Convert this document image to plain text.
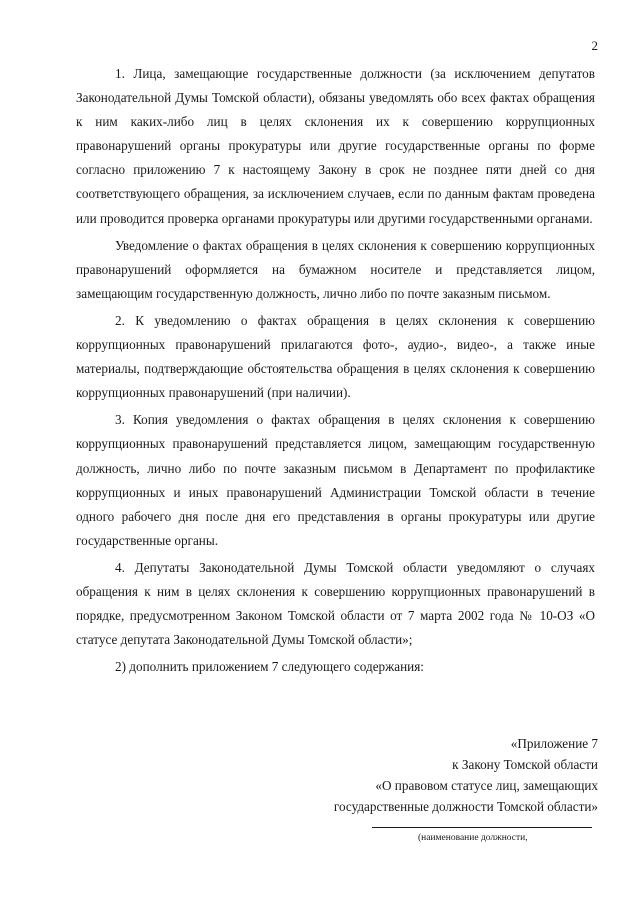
2

1. Лица, замещающие государственные должности (за исключением депутатов Законодательной Думы Томской области), обязаны уведомлять обо всех фактах обращения к ним каких-либо лиц в целях склонения их к совершению коррупционных правонарушений органы прокуратуры или другие государственные органы по форме согласно приложению 7 к настоящему Закону в срок не позднее пяти дней со дня соответствующего обращения, за исключением случаев, если по данным фактам проведена или проводится проверка органами прокуратуры или другими государственными органами.

Уведомление о фактах обращения в целях склонения к совершению коррупционных правонарушений оформляется на бумажном носителе и представляется лицом, замещающим государственную должность, лично либо по почте заказным письмом.

2. К уведомлению о фактах обращения в целях склонения к совершению коррупционных правонарушений прилагаются фото-, аудио-, видео-, а также иные материалы, подтверждающие обстоятельства обращения в целях склонения к совершению коррупционных правонарушений (при наличии).

3. Копия уведомления о фактах обращения в целях склонения к совершению коррупционных правонарушений представляется лицом, замещающим государственную должность, лично либо по почте заказным письмом в Департамент по профилактике коррупционных и иных правонарушений Администрации Томской области в течение одного рабочего дня после дня его представления в органы прокуратуры или другие государственные органы.

4. Депутаты Законодательной Думы Томской области уведомляют о случаях обращения к ним в целях склонения к совершению коррупционных правонарушений в порядке, предусмотренном Законом Томской области от 7 марта 2002 года № 10-ОЗ «О статусе депутата Законодательной Думы Томской области»;

2) дополнить приложением 7 следующего содержания:

«Приложение 7
к Закону Томской области
«О правовом статусе лиц, замещающих
государственные должности Томской области»
(наименование должности,
